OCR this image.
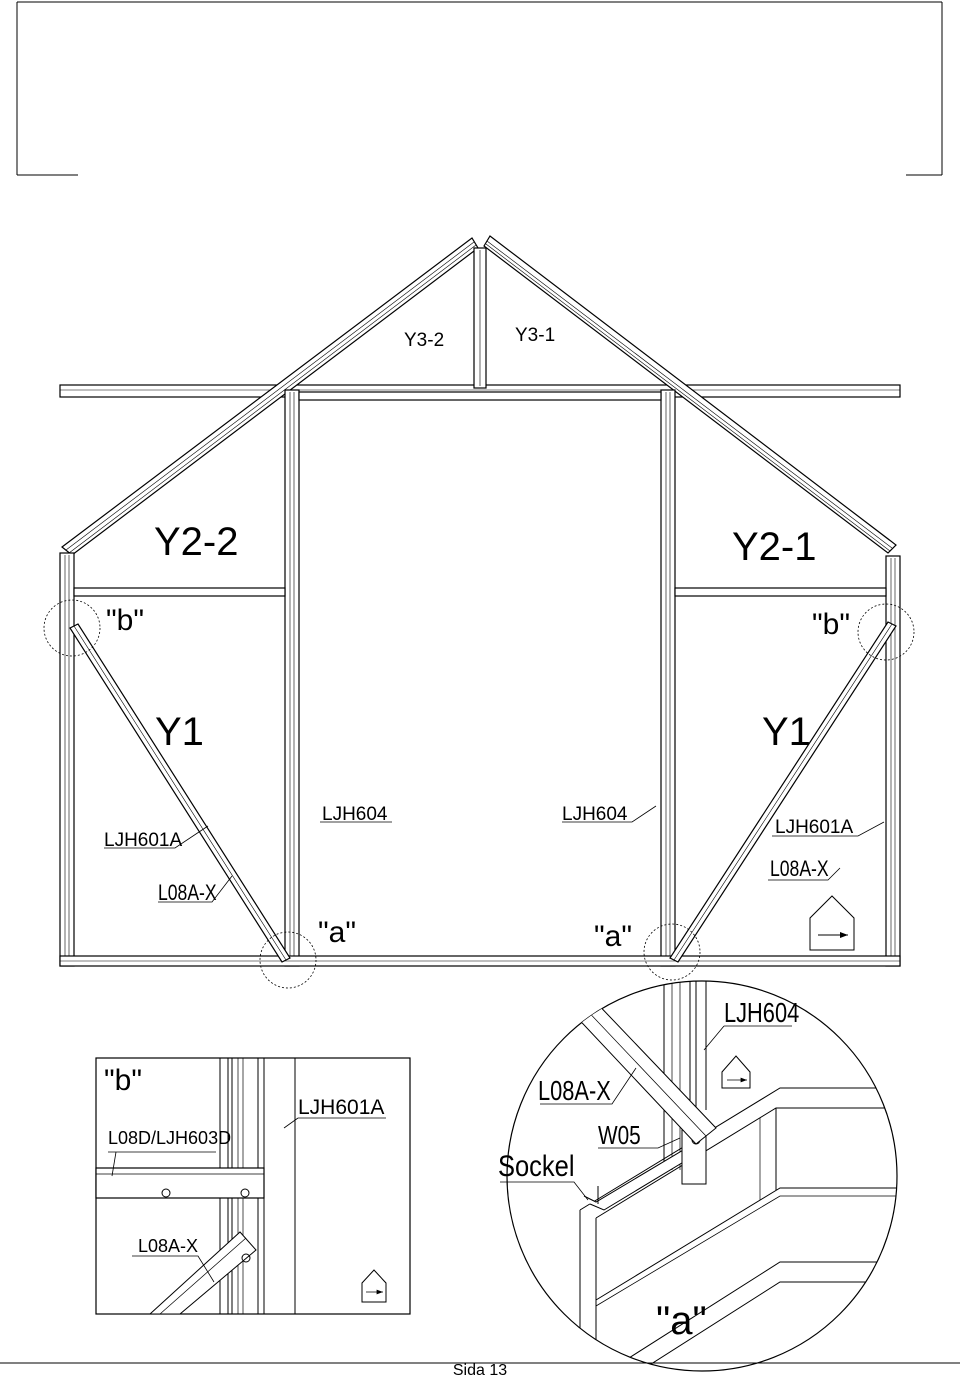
Y3-2	Y3-1
Y2-2	Y2-1
"b"	"b"
Y1	Y1
LJH604	LJH604
LJH601A
LJH601A
L08A-X
L08A-X
"a"	"a"
"b"
L08D/LJH603D
LJH601A
L08A-X
LJH604
L08A-X
W05
Sockel
"a"
Sida 13
